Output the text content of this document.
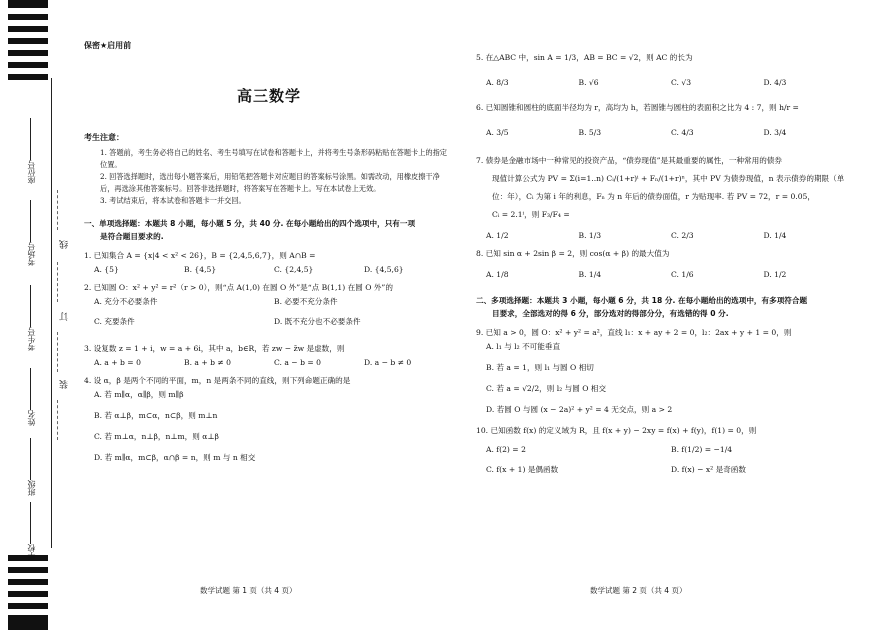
座位号
考场号
考生号
姓名
班级
学校
线
订
装
保密★启用前
高三数学
考生注意：
1. 答题前，考生务必将自己的姓名、考生号填写在试卷和答题卡上，并将考生号条形码粘贴在答题卡上的指定位置。
2. 回答选择题时，选出每小题答案后，用铅笔把答题卡对应题目的答案标号涂黑。如需改动，用橡皮擦干净后，再选涂其他答案标号。回答非选择题时，将答案写在答题卡上。写在本试卷上无效。
3. 考试结束后，将本试卷和答题卡一并交回。
一、单项选择题：本题共 8 小题，每小题 5 分，共 40 分. 在每小题给出的四个选项中，只有一项
是符合题目要求的.
1. 已知集合 A = {x|4 < x² < 26}，B = {2,4,5,6,7}，则 A∩B =
A. {5}	B. {4,5}	C. {2,4,5}	D. {4,5,6}
2. 已知圆 O：x² + y² = r²（r > 0），则“点 A(1,0) 在圆 O 外”是“点 B(1,1) 在圆 O 外”的
A. 充分不必要条件	B. 必要不充分条件
C. 充要条件	D. 既不充分也不必要条件
3. 设复数 z = 1 + i，w = a + 6i，其中 a，b∈R，若 zw − z̄w 是虚数，则
A. a + b = 0	B. a + b ≠ 0	C. a − b = 0	D. a − b ≠ 0
4. 设 α，β 是两个不同的平面，m，n 是两条不同的直线，则下列命题正确的是
A. 若 m∥α，α∥β，则 m∥β
B. 若 α⊥β，m⊂α，n⊂β，则 m⊥n
C. 若 m⊥α，n⊥β，n⊥m，则 α⊥β
D. 若 m∥α，m⊂β，α∩β = n，则 m 与 n 相交
数学试题 第 1 页（共 4 页）
5. 在△ABC 中，sin A = 1/3，AB = BC = √2，则 AC 的长为
A. 8/3	B. √6	C. √3	D. 4/3
6. 已知圆锥和圆柱的底面半径均为 r，高均为 h，若圆锥与圆柱的表面积之比为 4 : 7，则 h/r =
A. 3/5	B. 5/3	C. 4/3	D. 3/4
7. 债券是金融市场中一种常见的投资产品，“债券现值”是其最重要的属性，一种常用的债券
现值计算公式为 PV = Σ(i=1..n) Cᵢ/(1+r)ⁱ + Fₙ/(1+r)ⁿ，其中 PV 为债券现值，n 表示债券的期限（单
位：年），Cᵢ 为第 i 年的利息，Fₙ 为 n 年后的债券面值，r 为贴现率. 若 PV = 72，r = 0.05，
Cᵢ = 2.1ⁱ，则 F₃/F₄ =
A. 1/2	B. 1/3	C. 2/3	D. 1/4
8. 已知 sin α + 2sin β = 2，则 cos(α + β) 的最大值为
A. 1/8	B. 1/4	C. 1/6	D. 1/2
二、多项选择题：本题共 3 小题，每小题 6 分，共 18 分. 在每小题给出的选项中，有多项符合题
目要求，全部选对的得 6 分，部分选对的得部分分，有选错的得 0 分.
9. 已知 a > 0，圆 O：x² + y² = a²，直线 l₁：x + ay + 2 = 0，l₂：2ax + y + 1 = 0，则
A. l₁ 与 l₂ 不可能垂直
B. 若 a = 1，则 l₁ 与圆 O 相切
C. 若 a = √2/2，则 l₂ 与圆 O 相交
D. 若圆 O 与圆 (x − 2a)² + y² = 4 无交点，则 a > 2
10. 已知函数 f(x) 的定义域为 R，且 f(x + y) − 2xy = f(x) + f(y)，f(1) = 0，则
A. f(2) = 2	B. f(1/2) = −1/4
C. f(x + 1) 是偶函数	D. f(x) − x² 是奇函数
数学试题 第 2 页（共 4 页）
